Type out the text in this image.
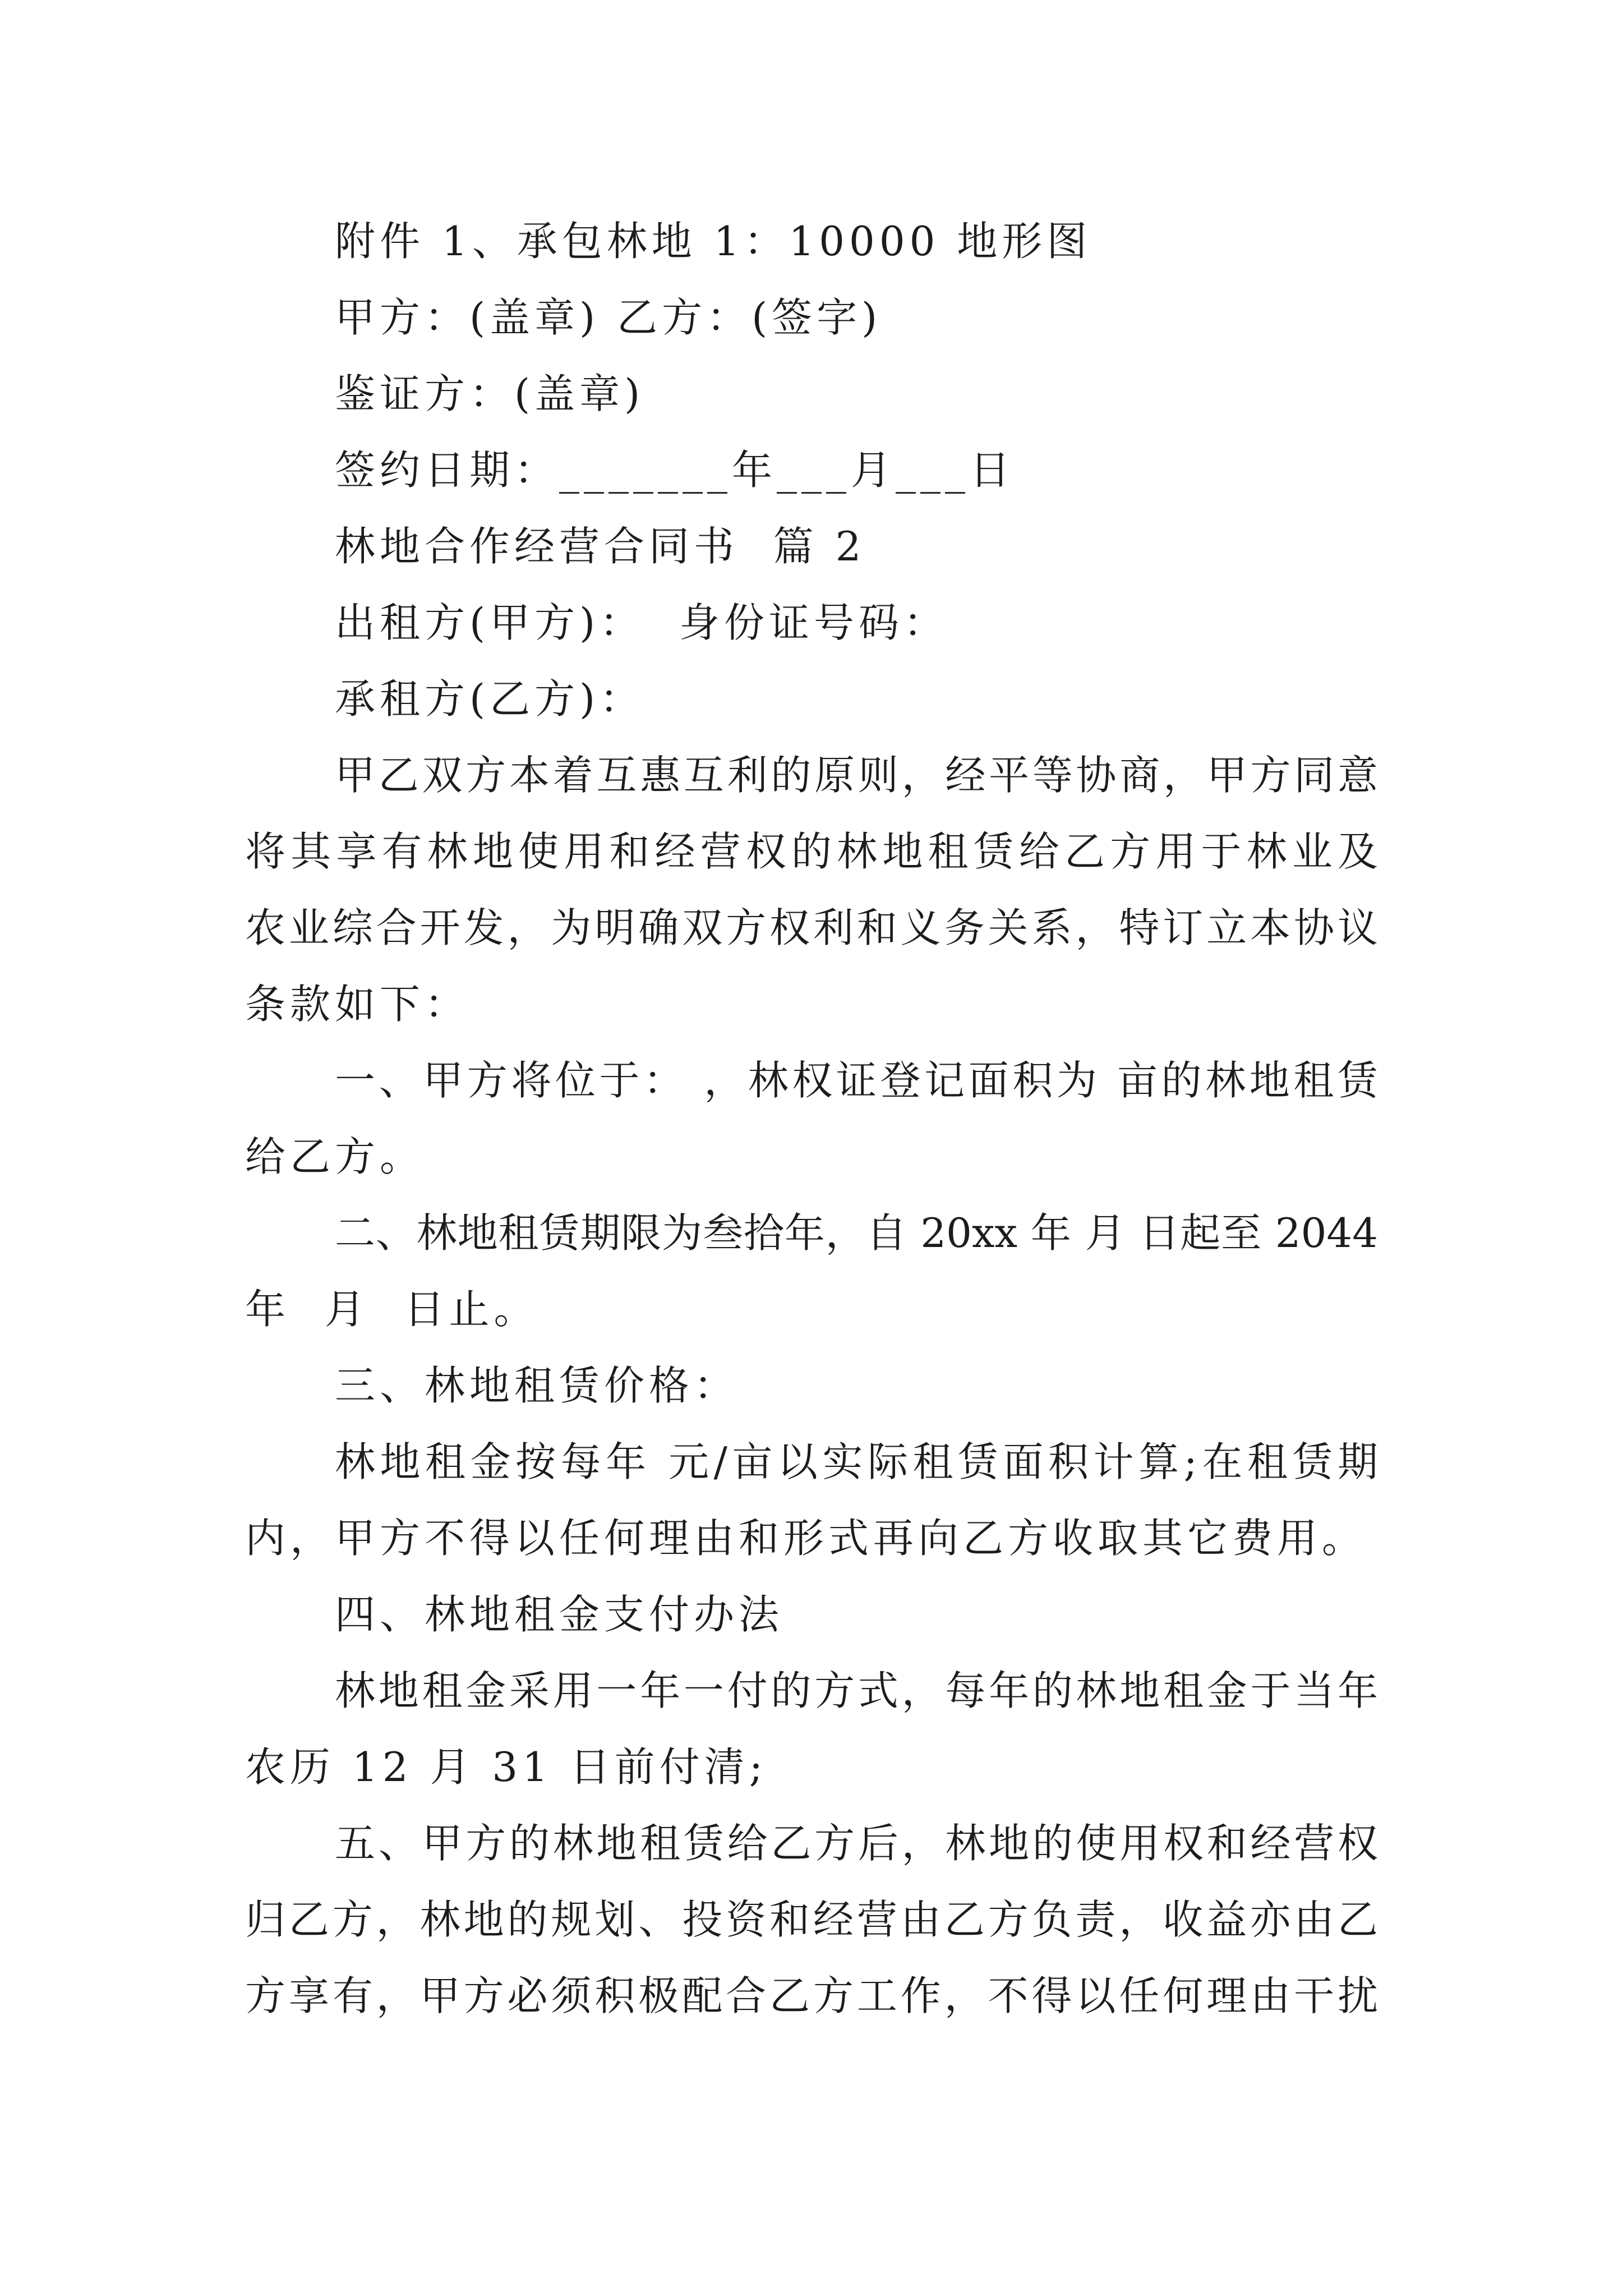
附件 1、承包林地 1：10000 地形图
甲方：(盖章) 乙方：(签字)
鉴证方：(盖章)
签约日期：_______年___月___日
林地合作经营合同书  篇 2
出租方(甲方)：  身份证号码：
承租方(乙方)：
甲乙双方本着互惠互利的原则，经平等协商，甲方同意
将其享有林地使用和经营权的林地租赁给乙方用于林业及
农业综合开发，为明确双方权利和义务关系，特订立本协议
条款如下：
一、甲方将位于： ，林权证登记面积为 亩的林地租赁
给乙方。
二、林地租赁期限为叁拾年，自 20xx 年 月 日起至 2044
年  月  日止。
三、林地租赁价格：
林地租金按每年 元/亩以实际租赁面积计算;在租赁期
内，甲方不得以任何理由和形式再向乙方收取其它费用。
四、林地租金支付办法
林地租金采用一年一付的方式，每年的林地租金于当年
农历 12 月 31 日前付清;
五、甲方的林地租赁给乙方后，林地的使用权和经营权
归乙方，林地的规划、投资和经营由乙方负责，收益亦由乙
方享有，甲方必须积极配合乙方工作，不得以任何理由干扰
